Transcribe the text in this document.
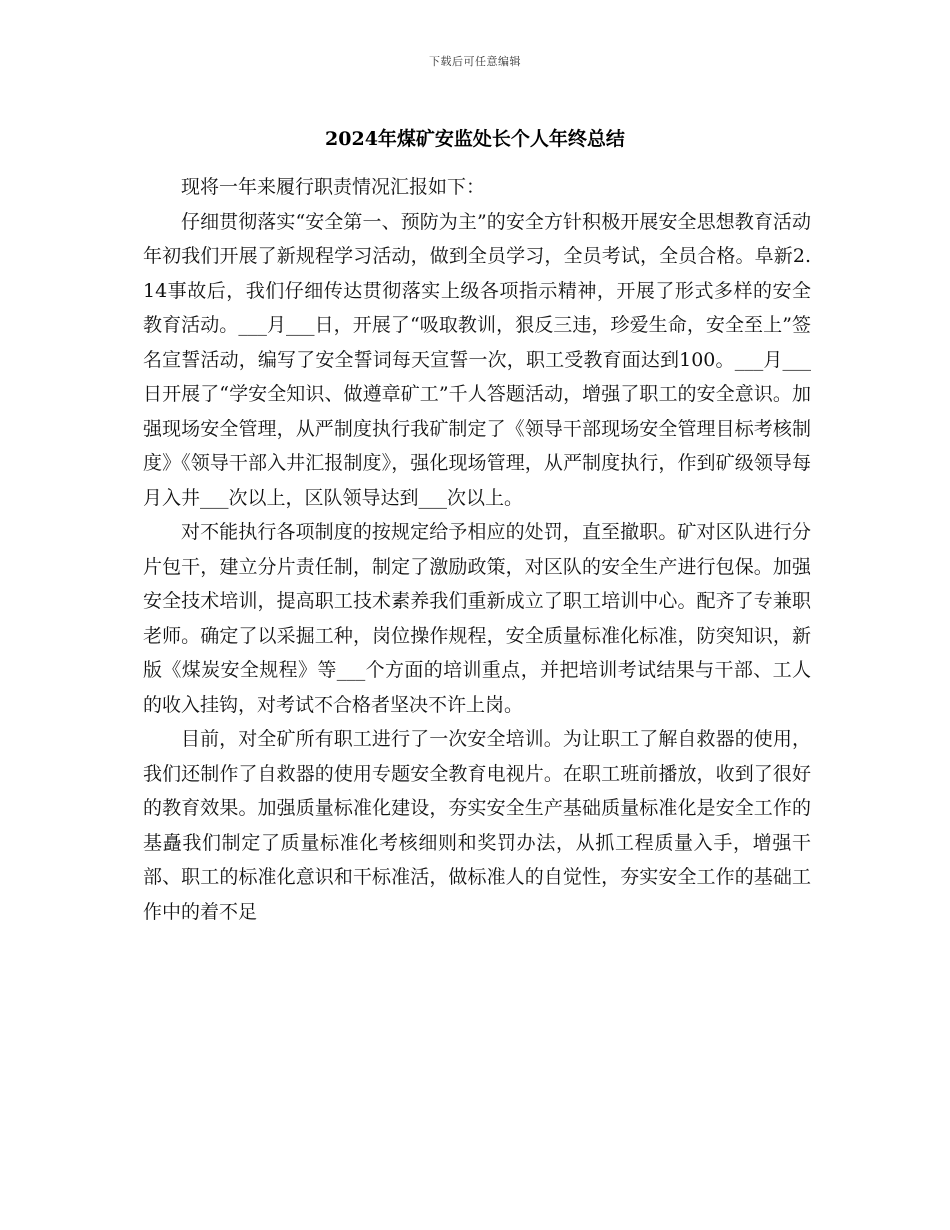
下载后可任意编辑
2024年煤矿安监处长个人年终总结

现将一年来履行职责情况汇报如下：

仔细贯彻落实“安全第一、预防为主”的安全方针积极开展安全思想教育活动年初我们开展了新规程学习活动，做到全员学习，全员考试，全员合格。阜新2.14事故后，我们仔细传达贯彻落实上级各项指示精神，开展了形式多样的安全教育活动。___月___日，开展了“吸取教训，狠反三违，珍爱生命，安全至上”签名宣誓活动，编写了安全誓词每天宣誓一次，职工受教育面达到100。___月___日开展了“学安全知识、做遵章矿工”千人答题活动，增强了职工的安全意识。加强现场安全管理，从严制度执行我矿制定了《领导干部现场安全管理目标考核制度》《领导干部入井汇报制度》，强化现场管理，从严制度执行，作到矿级领导每月入井___次以上，区队领导达到___次以上。

对不能执行各项制度的按规定给予相应的处罚，直至撤职。矿对区队进行分片包干，建立分片责任制，制定了激励政策，对区队的安全生产进行包保。加强安全技术培训，提高职工技术素养我们重新成立了职工培训中心。配齐了专兼职老师。确定了以采掘工种，岗位操作规程，安全质量标准化标准，防突知识，新版《煤炭安全规程》等___个方面的培训重点，并把培训考试结果与干部、工人的收入挂钩，对考试不合格者坚决不许上岗。

目前，对全矿所有职工进行了一次安全培训。为让职工了解自救器的使用，我们还制作了自救器的使用专题安全教育电视片。在职工班前播放，收到了很好的教育效果。加强质量标准化建设，夯实安全生产基础质量标准化是安全工作的基矗我们制定了质量标准化考核细则和奖罚办法，从抓工程质量入手，增强干部、职工的标准化意识和干标准活，做标准人的自觉性，夯实安全工作的基础工作中的着不足
